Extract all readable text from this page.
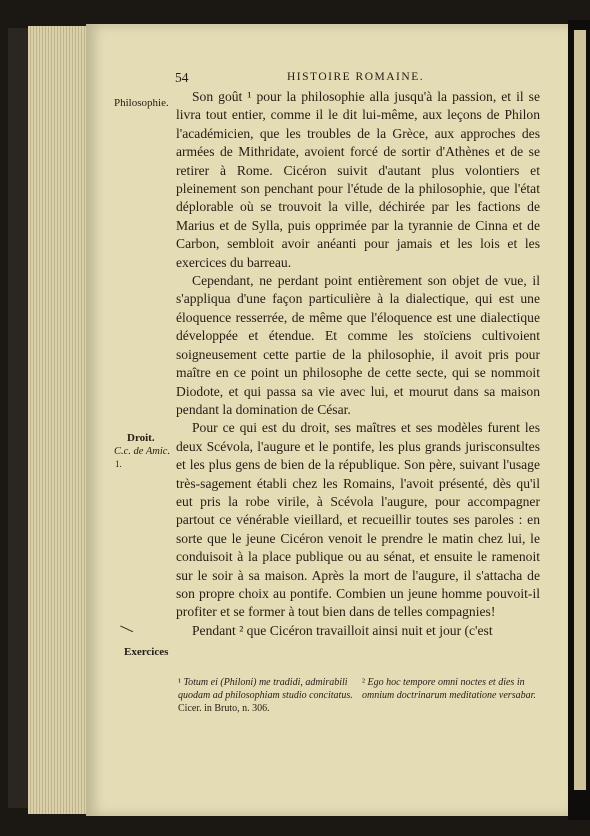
54	HISTOIRE ROMAINE.
Philosophie.
Droit.
C.c. de Amic.
1.
Exercices

Son goût ¹ pour la philosophie alla jusqu'à la passion, et il se livra tout entier, comme il le dit lui-même, aux leçons de Philon l'académicien, que les troubles de la Grèce, aux approches des armées de Mithridate, avoient forcé de sortir d'Athènes et de se retirer à Rome. Cicéron suivit d'autant plus volontiers et pleinement son penchant pour l'étude de la philosophie, que l'état déplorable où se trouvoit la ville, déchirée par les factions de Marius et de Sylla, puis opprimée par la tyrannie de Cinna et de Carbon, sembloit avoir anéanti pour jamais et les lois et les exercices du barreau.

Cependant, ne perdant point entièrement son objet de vue, il s'appliqua d'une façon particulière à la dialectique, qui est une éloquence resserrée, de même que l'éloquence est une dialectique développée et étendue. Et comme les stoïciens cultivoient soigneusement cette partie de la philosophie, il avoit pris pour maître en ce point un philosophe de cette secte, qui se nommoit Diodote, et qui passa sa vie avec lui, et mourut dans sa maison pendant la domination de César.

Pour ce qui est du droit, ses maîtres et ses modèles furent les deux Scévola, l'augure et le pontife, les plus grands jurisconsultes et les plus gens de bien de la république. Son père, suivant l'usage très-sagement établi chez les Romains, l'avoit présenté, dès qu'il eut pris la robe virile, à Scévola l'augure, pour accompagner partout ce vénérable vieillard, et recueillir toutes ses paroles : en sorte que le jeune Cicéron venoit le prendre le matin chez lui, le conduisoit à la place publique ou au sénat, et ensuite le ramenoit sur le soir à sa maison. Après la mort de l'augure, il s'attacha de son propre choix au pontife. Combien un jeune homme pouvoit-il profiter et se former à tout bien dans de telles compagnies!

Pendant ² que Cicéron travailloit ainsi nuit et jour (c'est

¹ Totum ei (Philoni) me tradidi, admirabili quodam ad philosophiam studio concitatus. Cicer. in Bruto, n. 306.
² Ego hoc tempore omni noctes et dies in omnium doctrinarum meditatione versabar.
